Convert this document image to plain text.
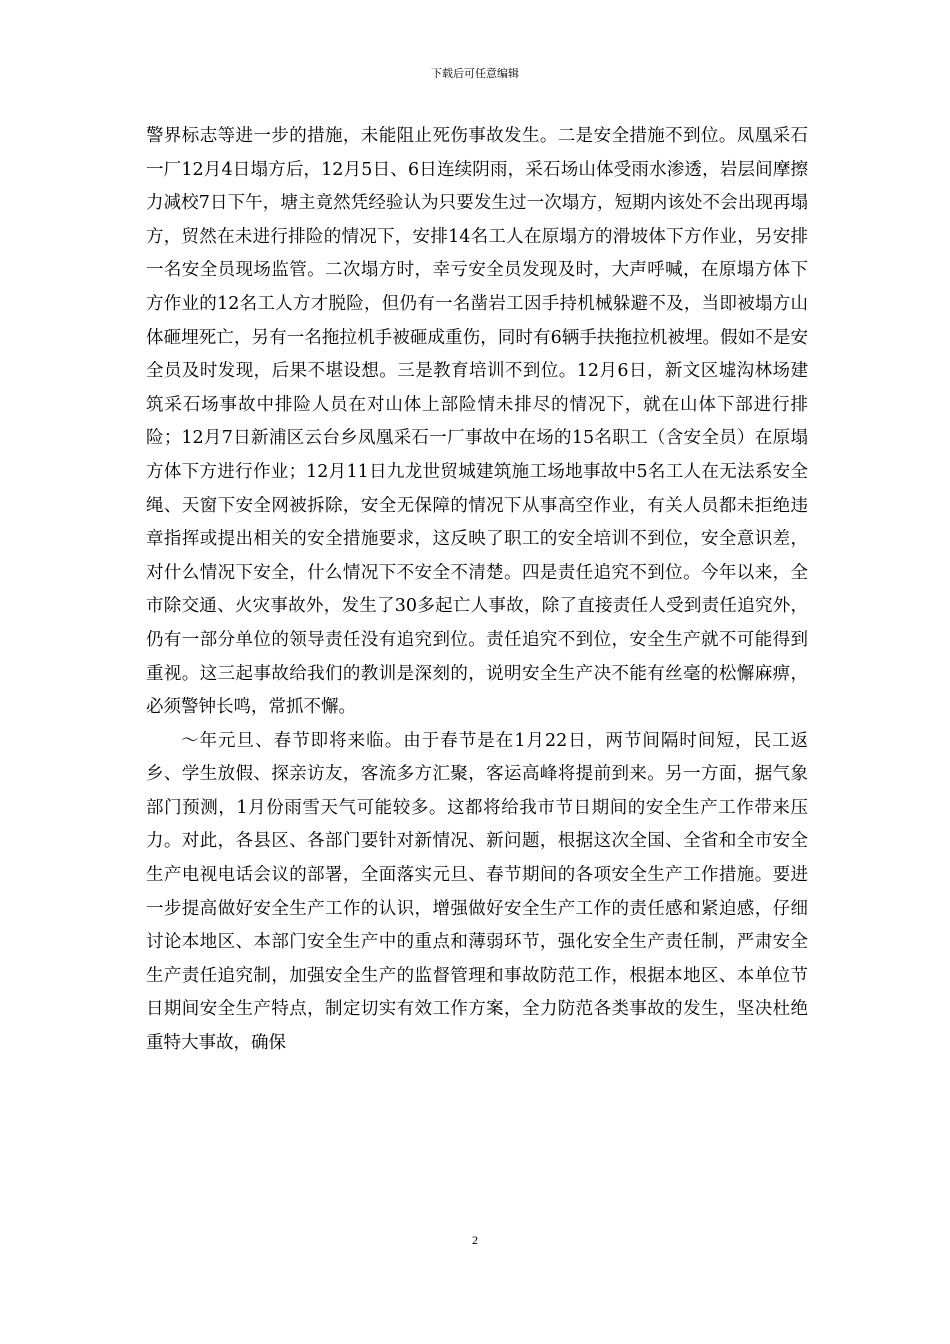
下载后可任意编辑

警界标志等进一步的措施，未能阻止死伤事故发生。二是安全措施不到位。凤凰采石一厂12月4日塌方后，12月5日、6日连续阴雨，采石场山体受雨水渗透，岩层间摩擦力减校7日下午，塘主竟然凭经验认为只要发生过一次塌方，短期内该处不会出现再塌方，贸然在未进行排险的情况下，安排14名工人在原塌方的滑坡体下方作业，另安排一名安全员现场监管。二次塌方时，幸亏安全员发现及时，大声呼喊，在原塌方体下方作业的12名工人方才脱险，但仍有一名凿岩工因手持机械躲避不及，当即被塌方山体砸埋死亡，另有一名拖拉机手被砸成重伤，同时有6辆手扶拖拉机被埋。假如不是安全员及时发现，后果不堪设想。三是教育培训不到位。12月6日，新文区墟沟林场建筑采石场事故中排险人员在对山体上部险情未排尽的情况下，就在山体下部进行排险；12月7日新浦区云台乡凤凰采石一厂事故中在场的15名职工（含安全员）在原塌方体下方进行作业；12月11日九龙世贸城建筑施工场地事故中5名工人在无法系安全绳、天窗下安全网被拆除，安全无保障的情况下从事高空作业，有关人员都未拒绝违章指挥或提出相关的安全措施要求，这反映了职工的安全培训不到位，安全意识差，对什么情况下安全，什么情况下不安全不清楚。四是责任追究不到位。今年以来，全市除交通、火灾事故外，发生了30多起亡人事故，除了直接责任人受到责任追究外，仍有一部分单位的领导责任没有追究到位。责任追究不到位，安全生产就不可能得到重视。这三起事故给我们的教训是深刻的，说明安全生产决不能有丝毫的松懈麻痹，必须警钟长鸣，常抓不懈。

～年元旦、春节即将来临。由于春节是在1月22日，两节间隔时间短，民工返乡、学生放假、探亲访友，客流多方汇聚，客运高峰将提前到来。另一方面，据气象部门预测，1月份雨雪天气可能较多。这都将给我市节日期间的安全生产工作带来压力。对此，各县区、各部门要针对新情况、新问题，根据这次全国、全省和全市安全生产电视电话会议的部署，全面落实元旦、春节期间的各项安全生产工作措施。要进一步提高做好安全生产工作的认识，增强做好安全生产工作的责任感和紧迫感，仔细讨论本地区、本部门安全生产中的重点和薄弱环节，强化安全生产责任制，严肃安全生产责任追究制，加强安全生产的监督管理和事故防范工作，根据本地区、本单位节日期间安全生产特点，制定切实有效工作方案，全力防范各类事故的发生，坚决杜绝重特大事故，确保

2
